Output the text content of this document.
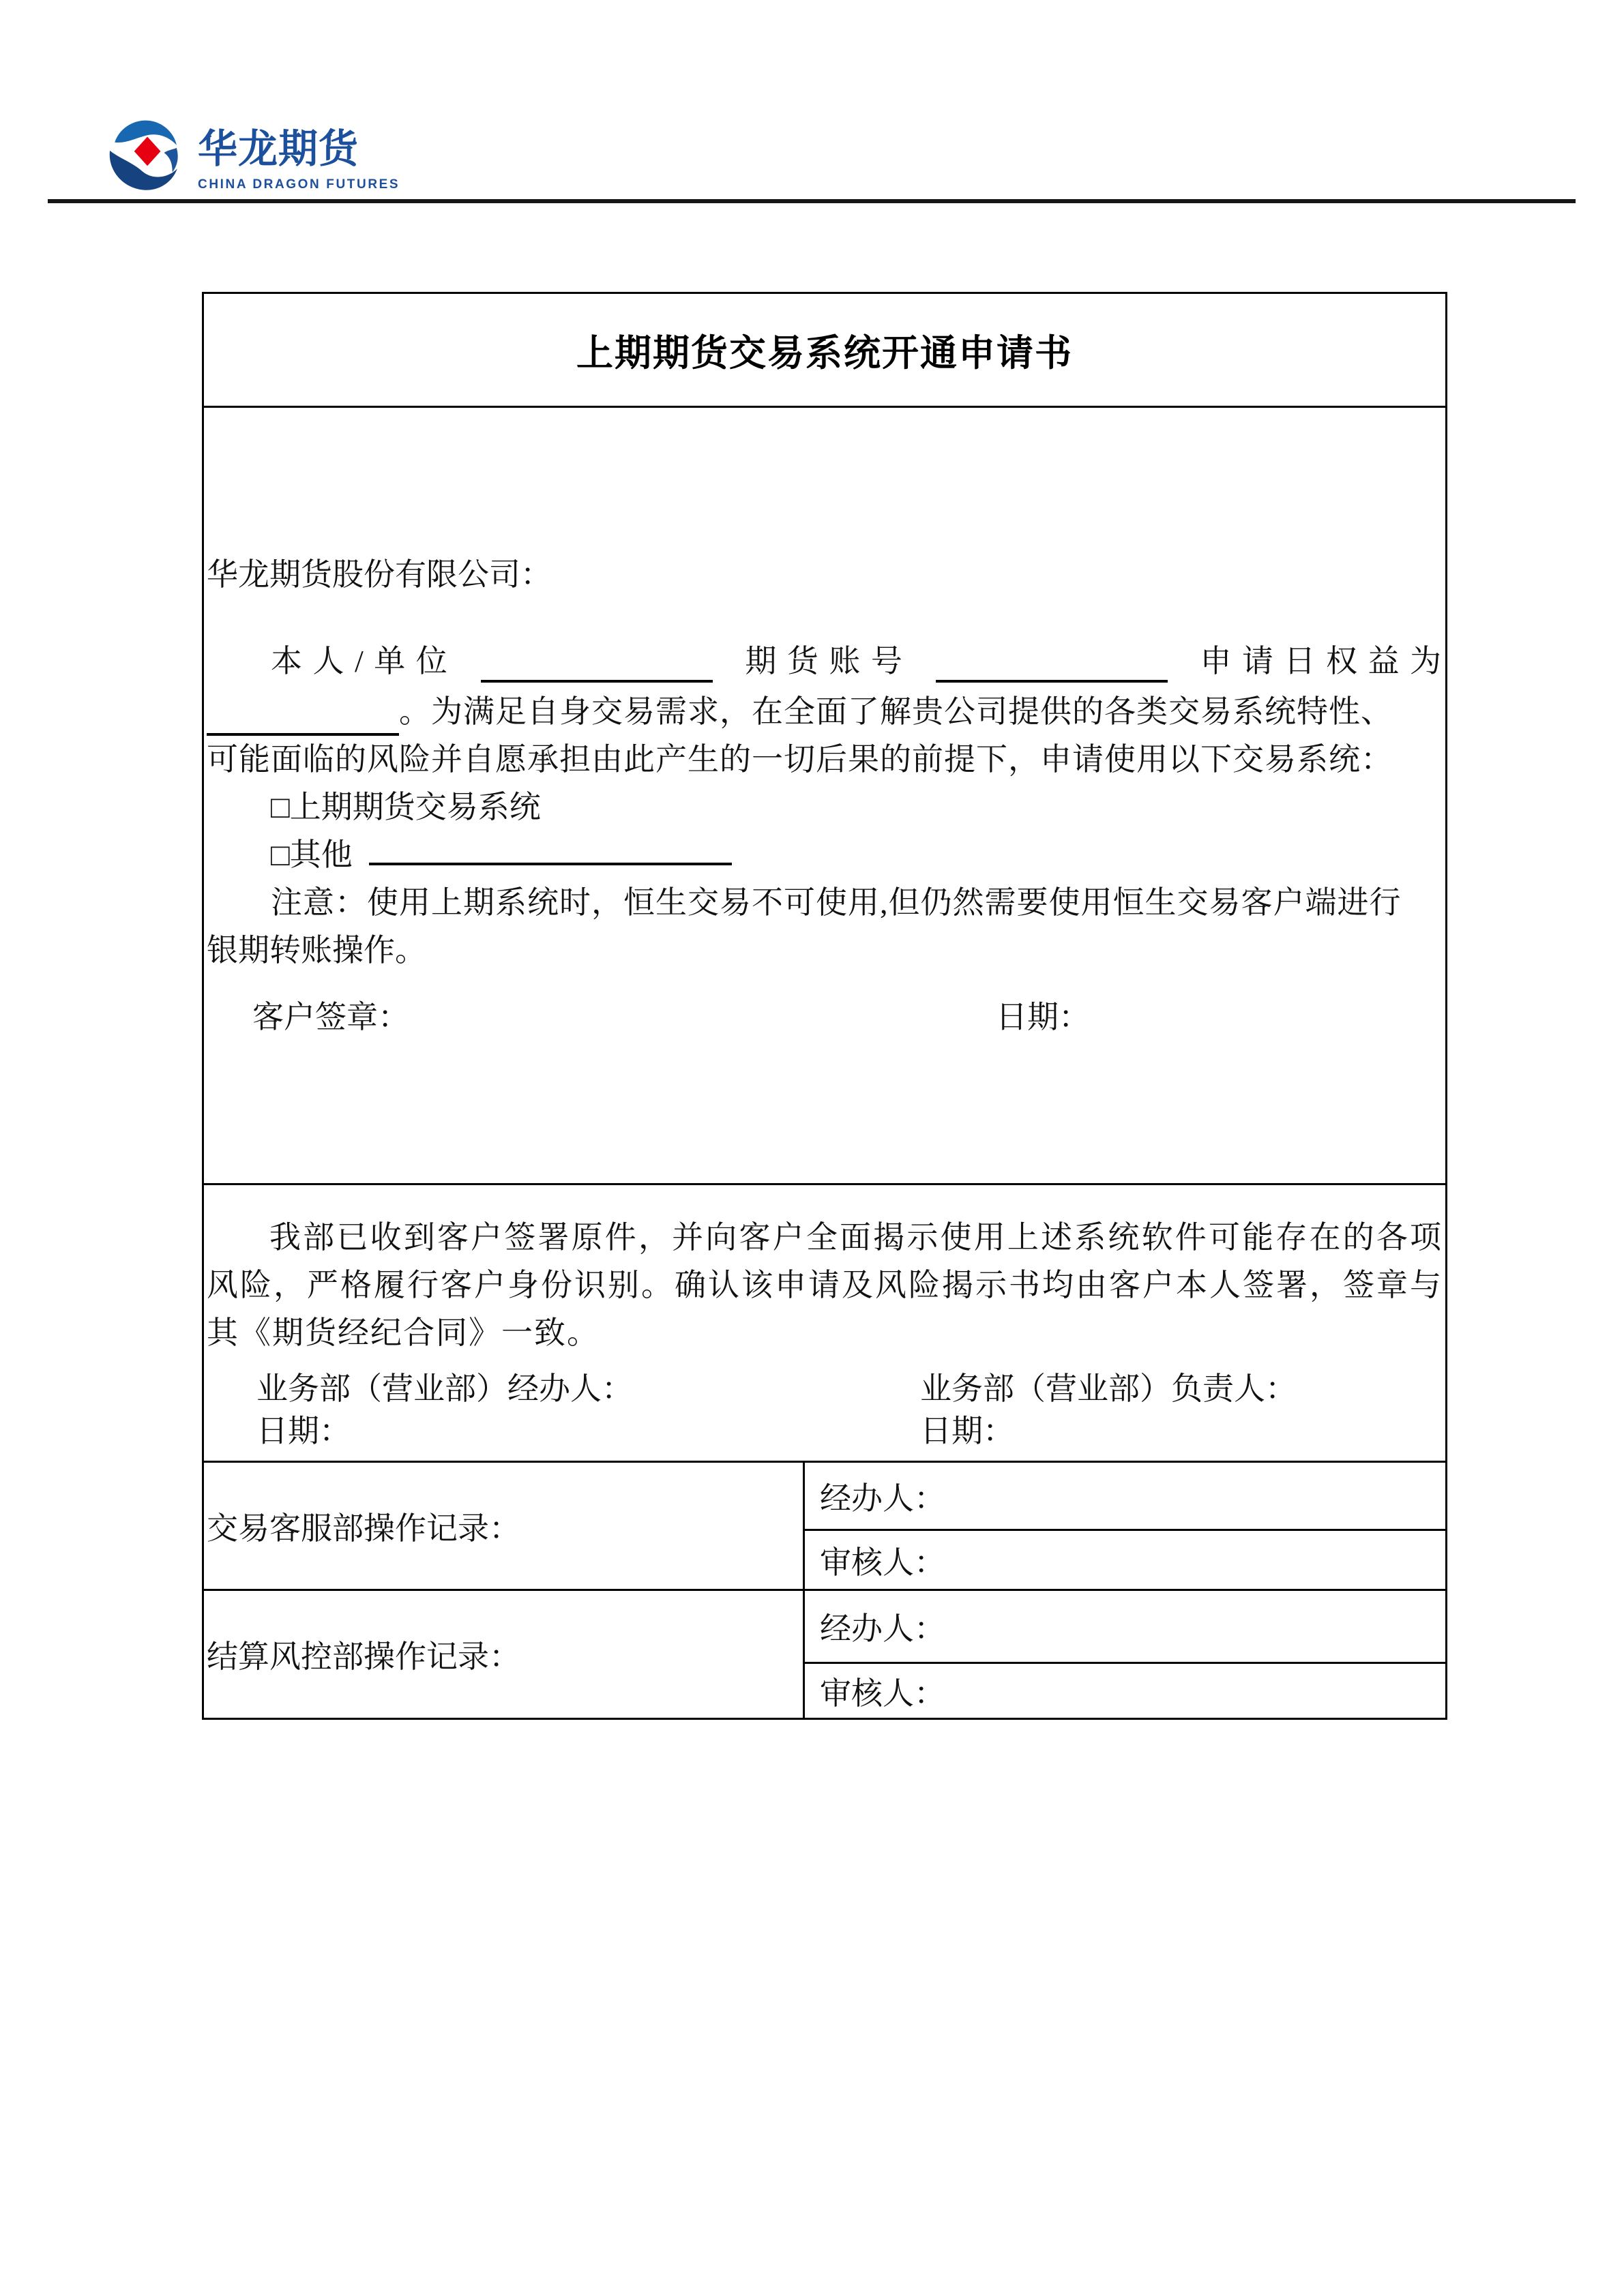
华龙期货
CHINA DRAGON FUTURES
上期期货交易系统开通申请书
华龙期货股份有限公司：
本 人 / 单 位	期 货 账 号	申 请 日 权 益 为
。为满足自身交易需求，在全面了解贵公司提供的各类交易系统特性、
可能面临的风险并自愿承担由此产生的一切后果的前提下，申请使用以下交易系统：
□上期期货交易系统
□其他
注意：使用上期系统时，恒生交易不可使用,但仍然需要使用恒生交易客户端进行
银期转账操作。
客户签章：	日期：

我部已收到客户签署原件，并向客户全面揭示使用上述系统软件可能存在的各项风险，严格履行客户身份识别。确认该申请及风险揭示书均由客户本人签署，签章与其《期货经纪合同》一致。

业务部（营业部）经办人：	业务部（营业部）负责人：
日期：	日期：
交易客服部操作记录：
经办人：
审核人：
结算风控部操作记录：
经办人：
审核人：
